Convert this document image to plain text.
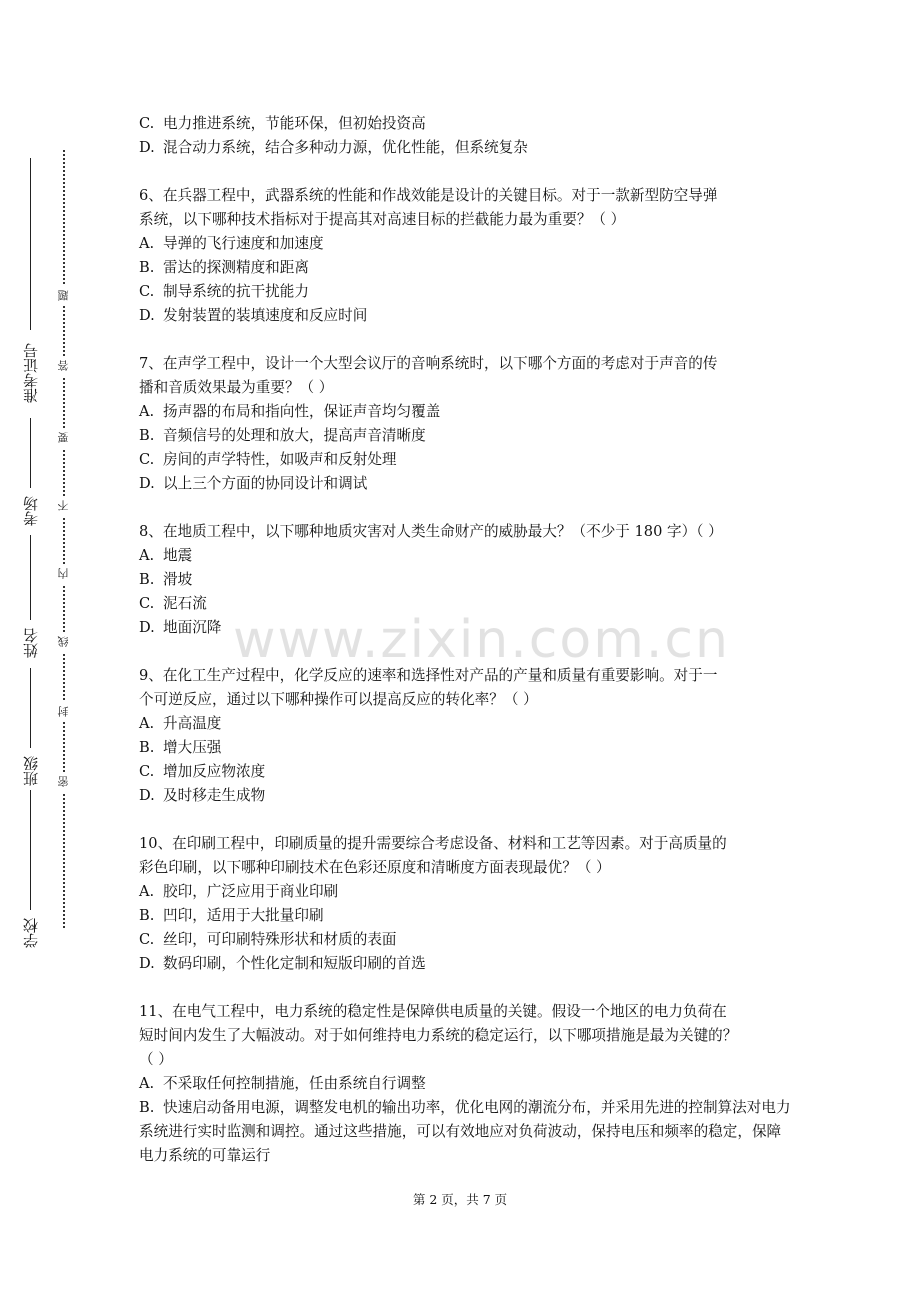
学校
班级
姓名
考场
准考证号
密
封
线
内
不
要
答
题
C. 电力推进系统，节能环保，但初始投资高
D. 混合动力系统，结合多种动力源，优化性能，但系统复杂
6、在兵器工程中，武器系统的性能和作战效能是设计的关键目标。对于一款新型防空导弹
系统，以下哪种技术指标对于提高其对高速目标的拦截能力最为重要？（ ）
A. 导弹的飞行速度和加速度
B. 雷达的探测精度和距离
C. 制导系统的抗干扰能力
D. 发射装置的装填速度和反应时间
7、在声学工程中，设计一个大型会议厅的音响系统时，以下哪个方面的考虑对于声音的传
播和音质效果最为重要？（ ）
A. 扬声器的布局和指向性，保证声音均匀覆盖
B. 音频信号的处理和放大，提高声音清晰度
C. 房间的声学特性，如吸声和反射处理
D. 以上三个方面的协同设计和调试
8、在地质工程中，以下哪种地质灾害对人类生命财产的威胁最大？（不少于 180 字）（ ）
A. 地震
B. 滑坡
C. 泥石流
D. 地面沉降
9、在化工生产过程中，化学反应的速率和选择性对产品的产量和质量有重要影响。对于一
个可逆反应，通过以下哪种操作可以提高反应的转化率？（ ）
A. 升高温度
B. 增大压强
C. 增加反应物浓度
D. 及时移走生成物
10、在印刷工程中，印刷质量的提升需要综合考虑设备、材料和工艺等因素。对于高质量的
彩色印刷，以下哪种印刷技术在色彩还原度和清晰度方面表现最优？（ ）
A. 胶印，广泛应用于商业印刷
B. 凹印，适用于大批量印刷
C. 丝印，可印刷特殊形状和材质的表面
D. 数码印刷，个性化定制和短版印刷的首选
11、在电气工程中，电力系统的稳定性是保障供电质量的关键。假设一个地区的电力负荷在
短时间内发生了大幅波动。对于如何维持电力系统的稳定运行，以下哪项措施是最为关键的？
（ ）
A. 不采取任何控制措施，任由系统自行调整
B. 快速启动备用电源，调整发电机的输出功率，优化电网的潮流分布，并采用先进的控制算法对电力系统进行实时监测和调控。通过这些措施，可以有效地应对负荷波动，保持电压和频率的稳定，保障电力系统的可靠运行
www.zixin.com.cn
第 2 页，共 7 页
